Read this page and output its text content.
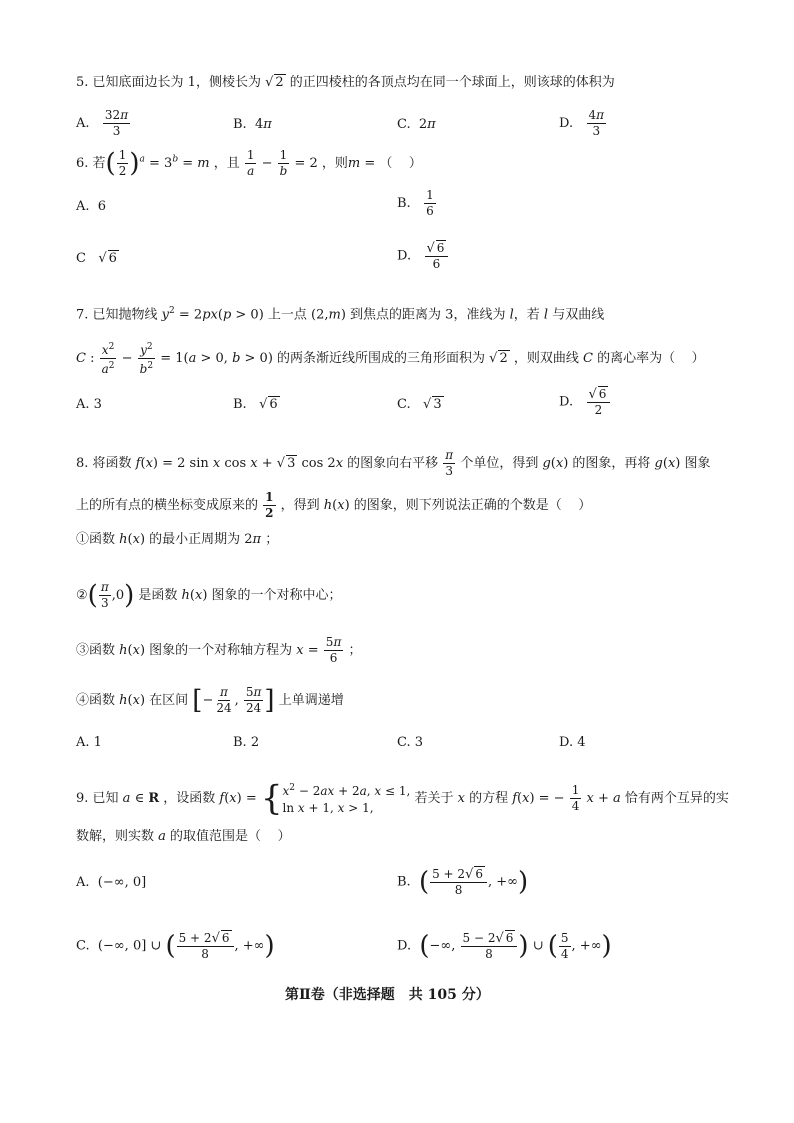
5. 已知底面边长为 1，侧棱长为 √ 2 的正四棱柱的各顶点均在同一个球面上，则该球的体积为
A. $\frac{32\pi}{3}$	B.  4π	C.  2π	D. $\frac{4\pi}{3}$
6. 若( $\frac{1}{2} )^a = 3^b = m$ ，且 $\frac{1}{a} - \frac{1}{b} = 2$ ，则m = （    ）
A.  6	B. $\frac{1}{6}$
C   √ 6	D. $\frac{√ 6}{6}$
7. 已知抛物线 $y^2 = 2px(p > 0)$ 上一点 (2,m) 到焦点的距离为 3，准线为 l，若 l 与双曲线
C : $\frac{x^2}{a^2} - \frac{y^2}{b^2} = 1(a > 0$, b > 0) 的两条渐近线所围成的三角形面积为 √ 2 ，则双曲线 C 的离心率为（    ）
A. 3	B.   √ 6	C.   √ 3	D. $\frac{√ 6}{2}$
8. 将函数 f(x) = 2 sin x cos x + √ 3 cos 2x 的图象向右平移 $\frac{\pi}{3}$ 个单位，得到 g(x) 的图象，再将 g(x) 图象
上的所有点的横坐标变成原来的 $\frac{1}{2}$ ，得到 h(x) 的图象，则下列说法正确的个数是（    ）
①函数 h(x) 的最小正周期为 2π ；
②( $\frac{\pi}{3} ,0$) 是函数 h(x) 图象的一个对称中心；
③函数 h(x) 图象的一个对称轴方程为 $x = \frac{5\pi}{6}$ ；
④函数 h(x) 在区间 [− $\frac{\pi}{24}$ , $\frac{5\pi}{24}$ ] 上单调递增
A. 1	B. 2	C. 3	D. 4
9. 已知 a ∈ R ，设函数 f(x) = { $x^2 - 2ax + 2a$, x ≤ 1,
ln x + 1, x > 1,
若关于 x 的方程 f(x) = − $\frac{1}{4}$ x + a 恰有两个互异的实
数解，则实数 a 的取值范围是（    ）
A.  (−∞, 0]	B.  ( $\frac{5 + 2√ 6}{8}$ , +∞)
C.  (−∞, 0] ∪ ( $\frac{5 + 2√ 6}{8}$ , +∞)	D.  (−∞, $\frac{5 - 2√ 6}{8}$ ) ∪ ( $\frac{5}{4}$ , +∞)
第Ⅱ卷（非选择题　共 105 分）
